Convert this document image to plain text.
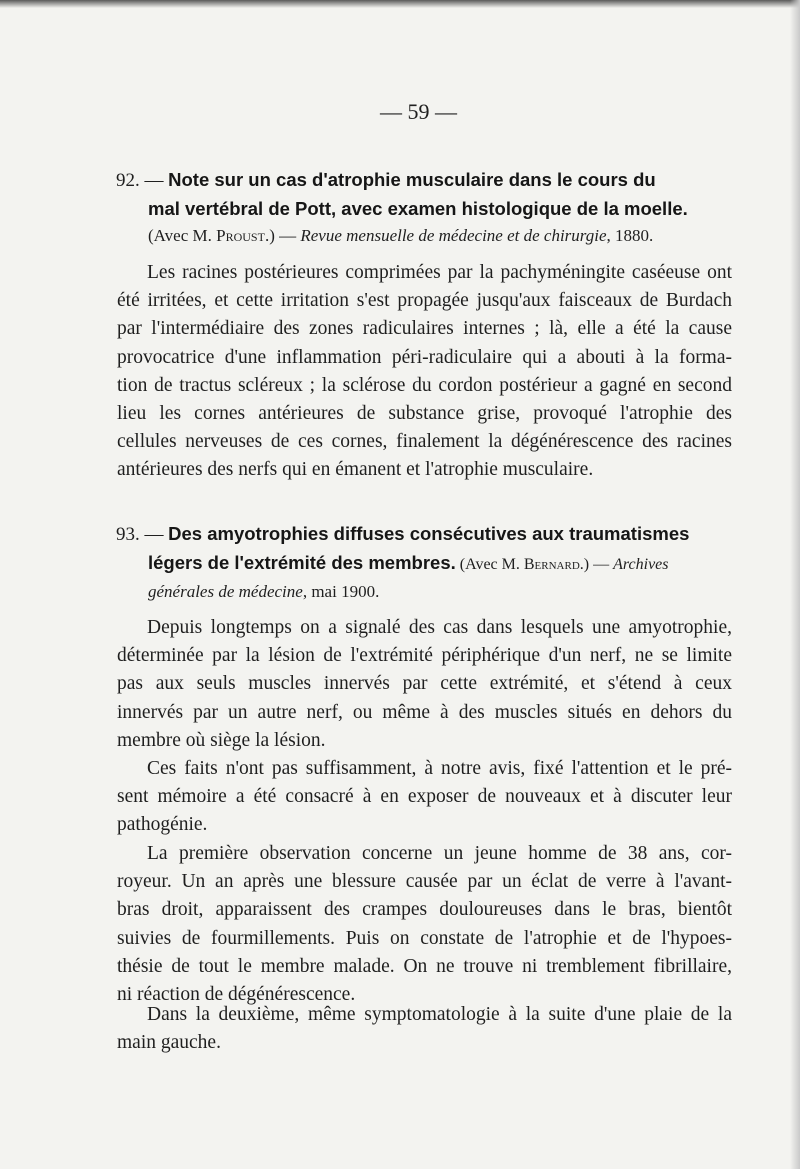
— 59 —
92. — Note sur un cas d'atrophie musculaire dans le cours du
mal vertébral de Pott, avec examen histologique de la moelle.
(Avec M. Proust.) — Revue mensuelle de médecine et de chirurgie, 1880.
Les racines postérieures comprimées par la pachyméningite caséeuse ont
été irritées, et cette irritation s'est propagée jusqu'aux faisceaux de Burdach
par l'intermédiaire des zones radiculaires internes ; là, elle a été la cause
provocatrice d'une inflammation péri-radiculaire qui a abouti à la forma-
tion de tractus scléreux ; la sclérose du cordon postérieur a gagné en second
lieu les cornes antérieures de substance grise, provoqué l'atrophie des
cellules nerveuses de ces cornes, finalement la dégénérescence des racines
antérieures des nerfs qui en émanent et l'atrophie musculaire.
93. — Des amyotrophies diffuses consécutives aux traumatismes
légers de l'extrémité des membres. (Avec M. Bernard.) — Archives
générales de médecine, mai 1900.
Depuis longtemps on a signalé des cas dans lesquels une amyotrophie,
déterminée par la lésion de l'extrémité périphérique d'un nerf, ne se limite
pas aux seuls muscles innervés par cette extrémité, et s'étend à ceux
innervés par un autre nerf, ou même à des muscles situés en dehors du
membre où siège la lésion.
Ces faits n'ont pas suffisamment, à notre avis, fixé l'attention et le pré-
sent mémoire a été consacré à en exposer de nouveaux et à discuter leur
pathogénie.
La première observation concerne un jeune homme de 38 ans, cor-
royeur. Un an après une blessure causée par un éclat de verre à l'avant-
bras droit, apparaissent des crampes douloureuses dans le bras, bientôt
suivies de fourmillements. Puis on constate de l'atrophie et de l'hypoes-
thésie de tout le membre malade. On ne trouve ni tremblement fibrillaire,
ni réaction de dégénérescence.
Dans la deuxième, même symptomatologie à la suite d'une plaie de la
main gauche.
